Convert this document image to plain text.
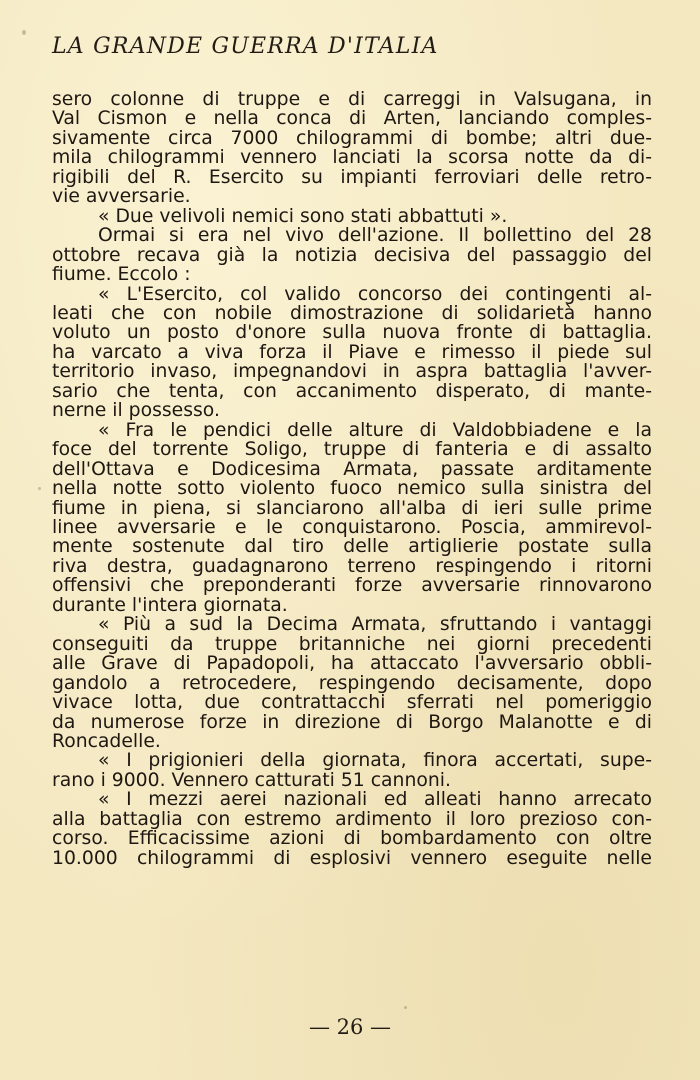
LA GRANDE GUERRA D'ITALIA
sero colonne di truppe e di carreggi in Valsugana, in
Val Cismon e nella conca di Arten, lanciando comples-
sivamente circa 7000 chilogrammi di bombe; altri due-
mila chilogrammi vennero lanciati la scorsa notte da di-
rigibili del R. Esercito su impianti ferroviari delle retro-
vie avversarie.
« Due velivoli nemici sono stati abbattuti ».
Ormai si era nel vivo dell'azione. Il bollettino del 28
ottobre recava già la notizia decisiva del passaggio del
fiume. Eccolo :
« L'Esercito, col valido concorso dei contingenti al-
leati che con nobile dimostrazione di solidarietà hanno
voluto un posto d'onore sulla nuova fronte di battaglia.
ha varcato a viva forza il Piave e rimesso il piede sul
territorio invaso, impegnandovi in aspra battaglia l'avver-
sario che tenta, con accanimento disperato, di mante-
nerne il possesso.
« Fra le pendici delle alture di Valdobbiadene e la
foce del torrente Soligo, truppe di fanteria e di assalto
dell'Ottava e Dodicesima Armata, passate arditamente
nella notte sotto violento fuoco nemico sulla sinistra del
fiume in piena, si slanciarono all'alba di ieri sulle prime
linee avversarie e le conquistarono. Poscia, ammirevol-
mente sostenute dal tiro delle artiglierie postate sulla
riva destra, guadagnarono terreno respingendo i ritorni
offensivi che preponderanti forze avversarie rinnovarono
durante l'intera giornata.
« Più a sud la Decima Armata, sfruttando i vantaggi
conseguiti da truppe britanniche nei giorni precedenti
alle Grave di Papadopoli, ha attaccato l'avversario obbli-
gandolo a retrocedere, respingendo decisamente, dopo
vivace lotta, due contrattacchi sferrati nel pomeriggio
da numerose forze in direzione di Borgo Malanotte e di
Roncadelle.
« I prigionieri della giornata, finora accertati, supe-
rano i 9000. Vennero catturati 51 cannoni.
« I mezzi aerei nazionali ed alleati hanno arrecato
alla battaglia con estremo ardimento il loro prezioso con-
corso. Efficacissime azioni di bombardamento con oltre
10.000 chilogrammi di esplosivi vennero eseguite nelle
— 26 —
